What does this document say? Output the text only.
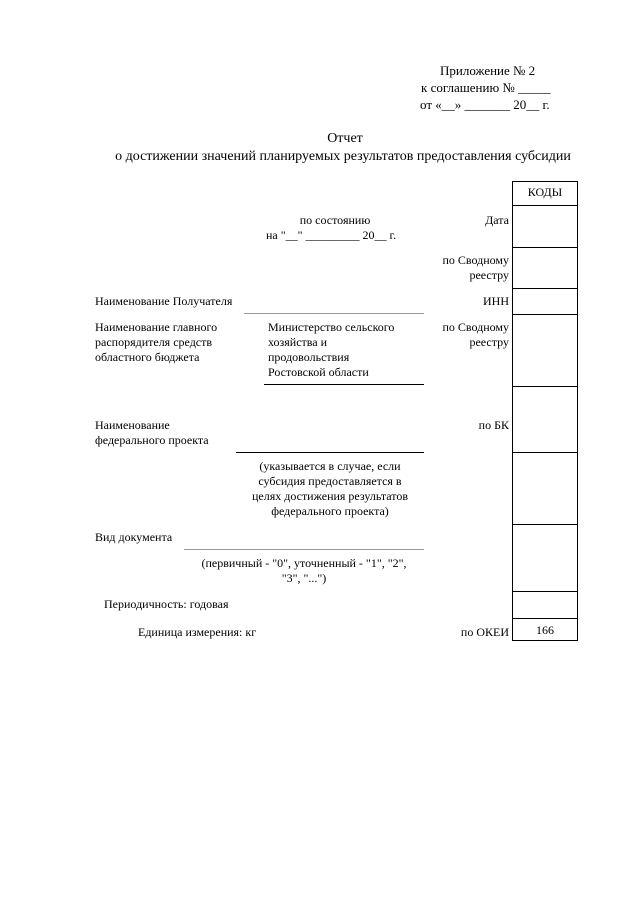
Приложение № 2
к соглашению № _____
от «__» _______ 20__ г.
Отчет
о достижении значений планируемых результатов предоставления субсидии
КОДЫ
166
по состоянию
на "__" _________ 20__ г.
Дата
по Сводному
реестру
ИНН
по Сводному
реестру
по БК
по ОКЕИ
Наименование Получателя
Наименование главного
распорядителя средств
областного бюджета
Министерство сельского
хозяйства и
продовольствия
Ростовской области
Наименование
федерального проекта
(указывается в случае, если
субсидия предоставляется в
целях достижения результатов
федерального проекта)
Вид документа
(первичный - "0", уточненный - "1", "2",
"3", "...")
Периодичность: годовая
Единица измерения: кг
